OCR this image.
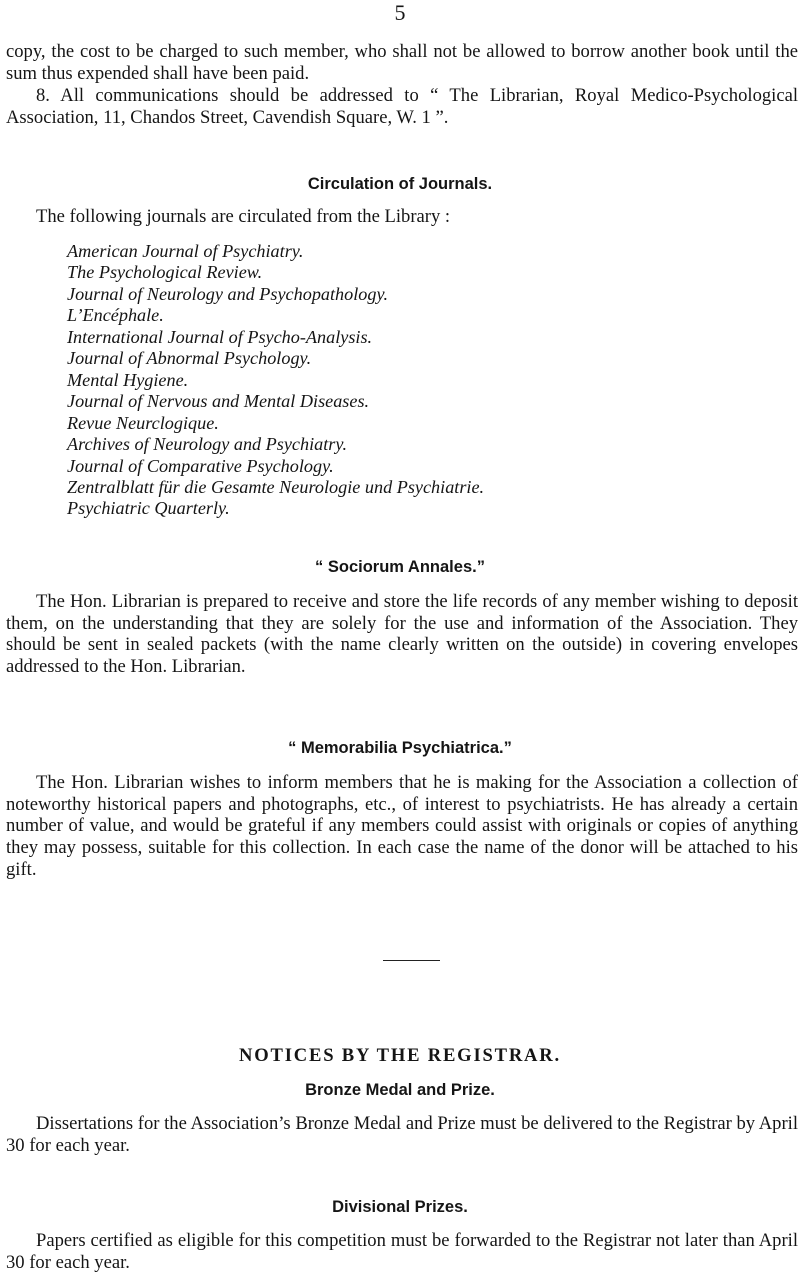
5

copy, the cost to be charged to such member, who shall not be allowed to borrow another book until the sum thus expended shall have been paid.

8. All communications should be addressed to “ The Librarian, Royal Medico-Psychological Association, 11, Chandos Street, Cavendish Square, W. 1 ”.

Circulation of Journals.

The following journals are circulated from the Library :

American Journal of Psychiatry.
The Psychological Review.
Journal of Neurology and Psychopathology.
L’Encéphale.
International Journal of Psycho-Analysis.
Journal of Abnormal Psychology.
Mental Hygiene.
Journal of Nervous and Mental Diseases.
Revue Neurclogique.
Archives of Neurology and Psychiatry.
Journal of Comparative Psychology.
Zentralblatt für die Gesamte Neurologie und Psychiatrie.
Psychiatric Quarterly.
“ Sociorum Annales.”

The Hon. Librarian is prepared to receive and store the life records of any member wishing to deposit them, on the understanding that they are solely for the use and information of the Association. They should be sent in sealed packets (with the name clearly written on the outside) in covering envelopes addressed to the Hon. Librarian.

“ Memorabilia Psychiatrica.”

The Hon. Librarian wishes to inform members that he is making for the Association a collection of noteworthy historical papers and photographs, etc., of interest to psychiatrists. He has already a certain number of value, and would be grateful if any members could assist with originals or copies of anything they may possess, suitable for this collection. In each case the name of the donor will be attached to his gift.

NOTICES BY THE REGISTRAR.
Bronze Medal and Prize.

Dissertations for the Association’s Bronze Medal and Prize must be delivered to the Registrar by April 30 for each year.

Divisional Prizes.

Papers certified as eligible for this competition must be forwarded to the Registrar not later than April 30 for each year.
